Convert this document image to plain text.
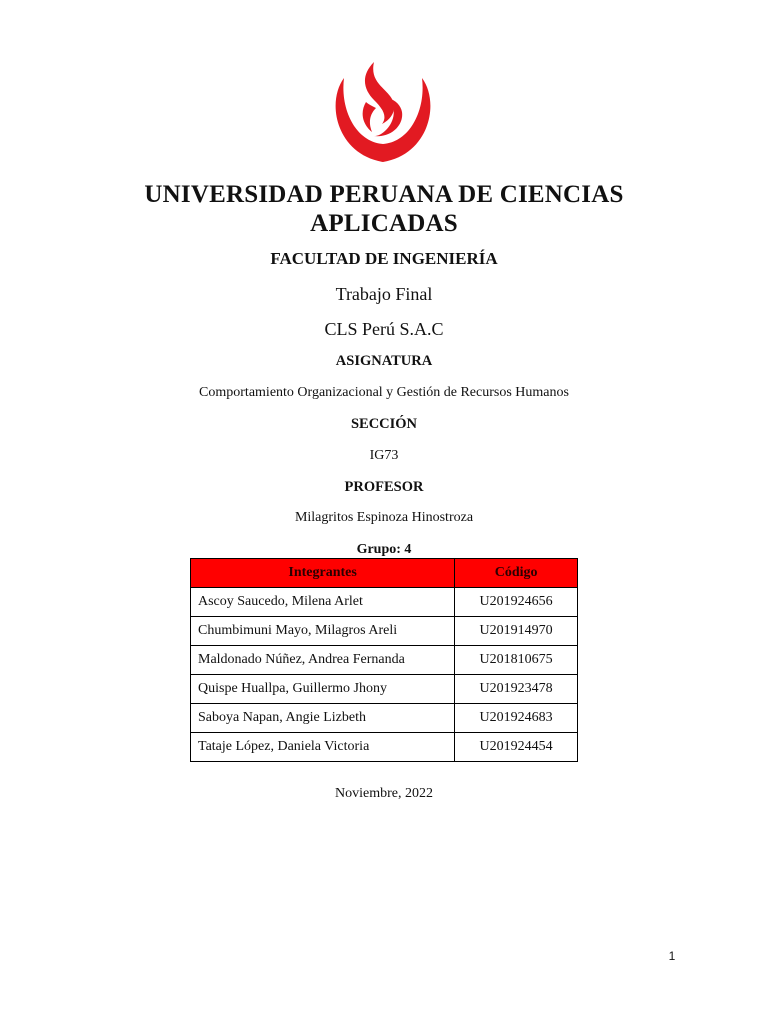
UNIVERSIDAD PERUANA DE CIENCIAS APLICADAS
FACULTAD DE INGENIERÍA
Trabajo Final
CLS Perú S.A.C
ASIGNATURA
Comportamiento Organizacional y Gestión de Recursos Humanos
SECCIÓN
IG73
PROFESOR
Milagritos Espinoza Hinostroza
Grupo: 4
Integrantes	Código
Ascoy Saucedo, Milena Arlet	U201924656
Chumbimuni Mayo, Milagros Areli	U201914970
Maldonado Núñez, Andrea Fernanda	U201810675
Quispe Huallpa, Guillermo Jhony	U201923478
Saboya Napan, Angie Lizbeth	U201924683
Tataje López, Daniela Victoria	U201924454
Noviembre, 2022
1
